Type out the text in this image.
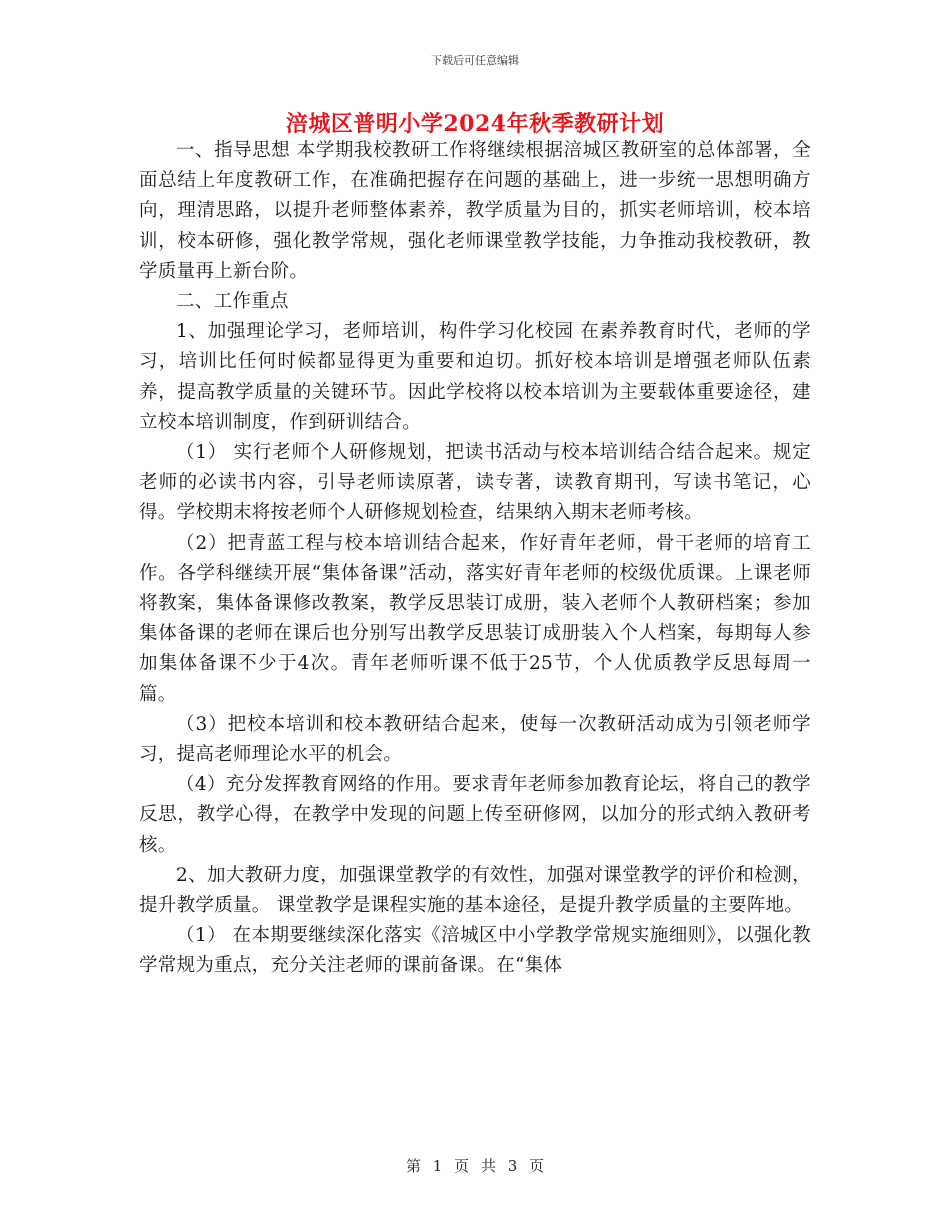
下载后可任意编辑
涪城区普明小学2024年秋季教研计划

一、指导思想 本学期我校教研工作将继续根据涪城区教研室的总体部署，全面总结上年度教研工作，在准确把握存在问题的基础上，进一步统一思想明确方向，理清思路，以提升老师整体素养，教学质量为目的，抓实老师培训，校本培训，校本研修，强化教学常规，强化老师课堂教学技能，力争推动我校教研，教学质量再上新台阶。

二、工作重点

1、加强理论学习，老师培训，构件学习化校园 在素养教育时代，老师的学习，培训比任何时候都显得更为重要和迫切。抓好校本培训是增强老师队伍素养，提高教学质量的关键环节。因此学校将以校本培训为主要载体重要途径，建立校本培训制度，作到研训结合。

（1） 实行老师个人研修规划，把读书活动与校本培训结合结合起来。规定老师的必读书内容，引导老师读原著，读专著，读教育期刊，写读书笔记，心得。学校期末将按老师个人研修规划检查，结果纳入期末老师考核。

（2）把青蓝工程与校本培训结合起来，作好青年老师，骨干老师的培育工作。各学科继续开展“集体备课”活动，落实好青年老师的校级优质课。上课老师将教案，集体备课修改教案，教学反思装订成册，装入老师个人教研档案；参加集体备课的老师在课后也分别写出教学反思装订成册装入个人档案，每期每人参加集体备课不少于4次。青年老师听课不低于25节，个人优质教学反思每周一篇。

（3）把校本培训和校本教研结合起来，使每一次教研活动成为引领老师学习，提高老师理论水平的机会。

（4）充分发挥教育网络的作用。要求青年老师参加教育论坛，将自己的教学反思，教学心得，在教学中发现的问题上传至研修网，以加分的形式纳入教研考核。

2、加大教研力度，加强课堂教学的有效性，加强对课堂教学的评价和检测，提升教学质量。 课堂教学是课程实施的基本途径，是提升教学质量的主要阵地。

（1） 在本期要继续深化落实《涪城区中小学教学常规实施细则》，以强化教学常规为重点，充分关注老师的课前备课。在“集体

第 1 页 共 3 页
